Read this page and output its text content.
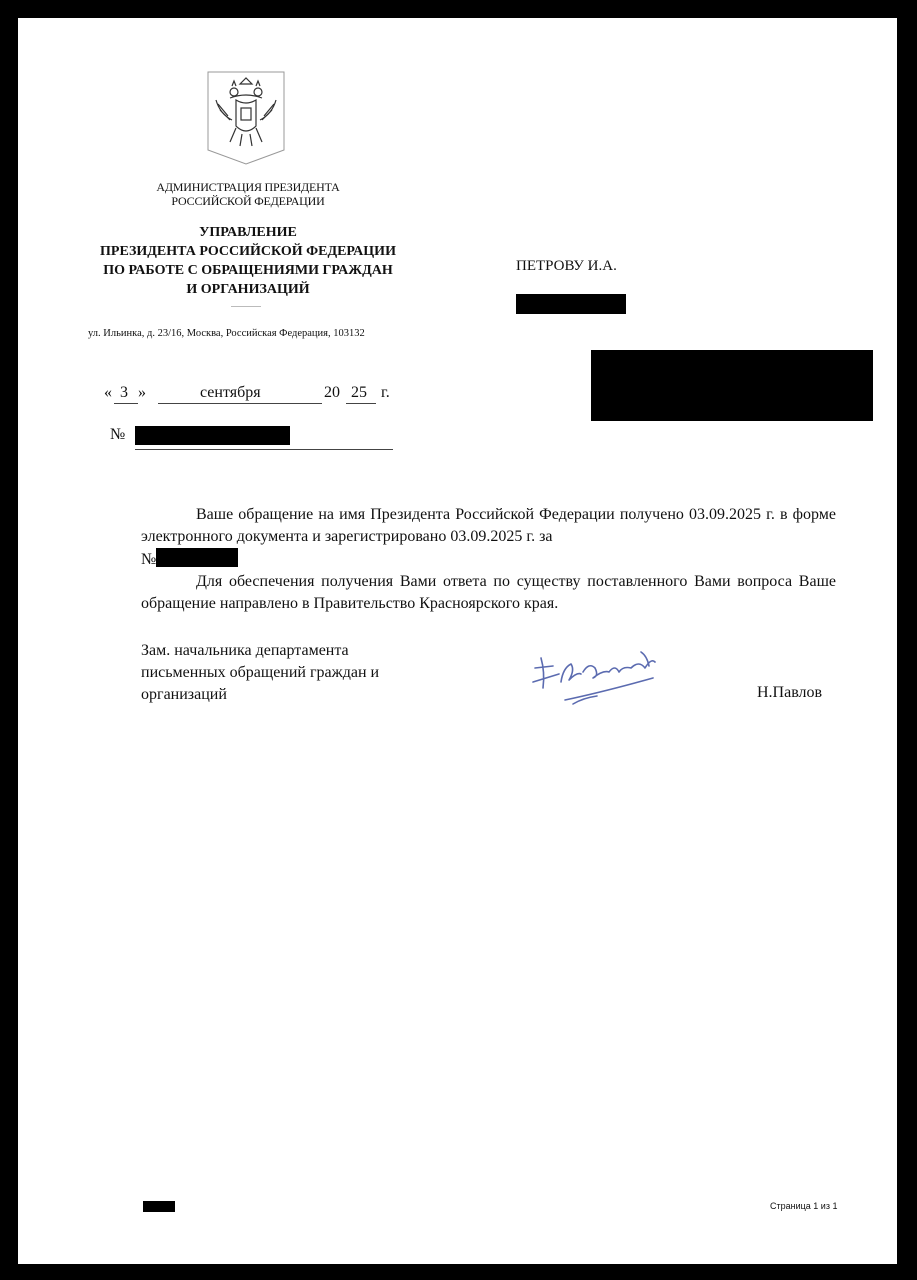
АДМИНИСТРАЦИЯ ПРЕЗИДЕНТА
РОССИЙСКОЙ ФЕДЕРАЦИИ
УПРАВЛЕНИЕ
ПРЕЗИДЕНТА РОССИЙСКОЙ ФЕДЕРАЦИИ
ПО РАБОТЕ С ОБРАЩЕНИЯМИ ГРАЖДАН
И ОРГАНИЗАЦИЙ
ул. Ильинка, д. 23/16, Москва, Российская Федерация, 103132
ПЕТРОВУ И.А.
« 3 »	сентября	20 25 г.
№

Ваше обращение на имя Президента Российской Федерации получено 03.09.2025 г. в форме электронного документа и зарегистрировано 03.09.2025 г. за
№

Для обеспечения получения Вами ответа по существу поставленного Вами вопроса Ваше обращение направлено в Правительство Красноярского края.

Зам. начальника департамента
письменных обращений граждан и
организаций	Н.Павлов
Страница 1 из 1
